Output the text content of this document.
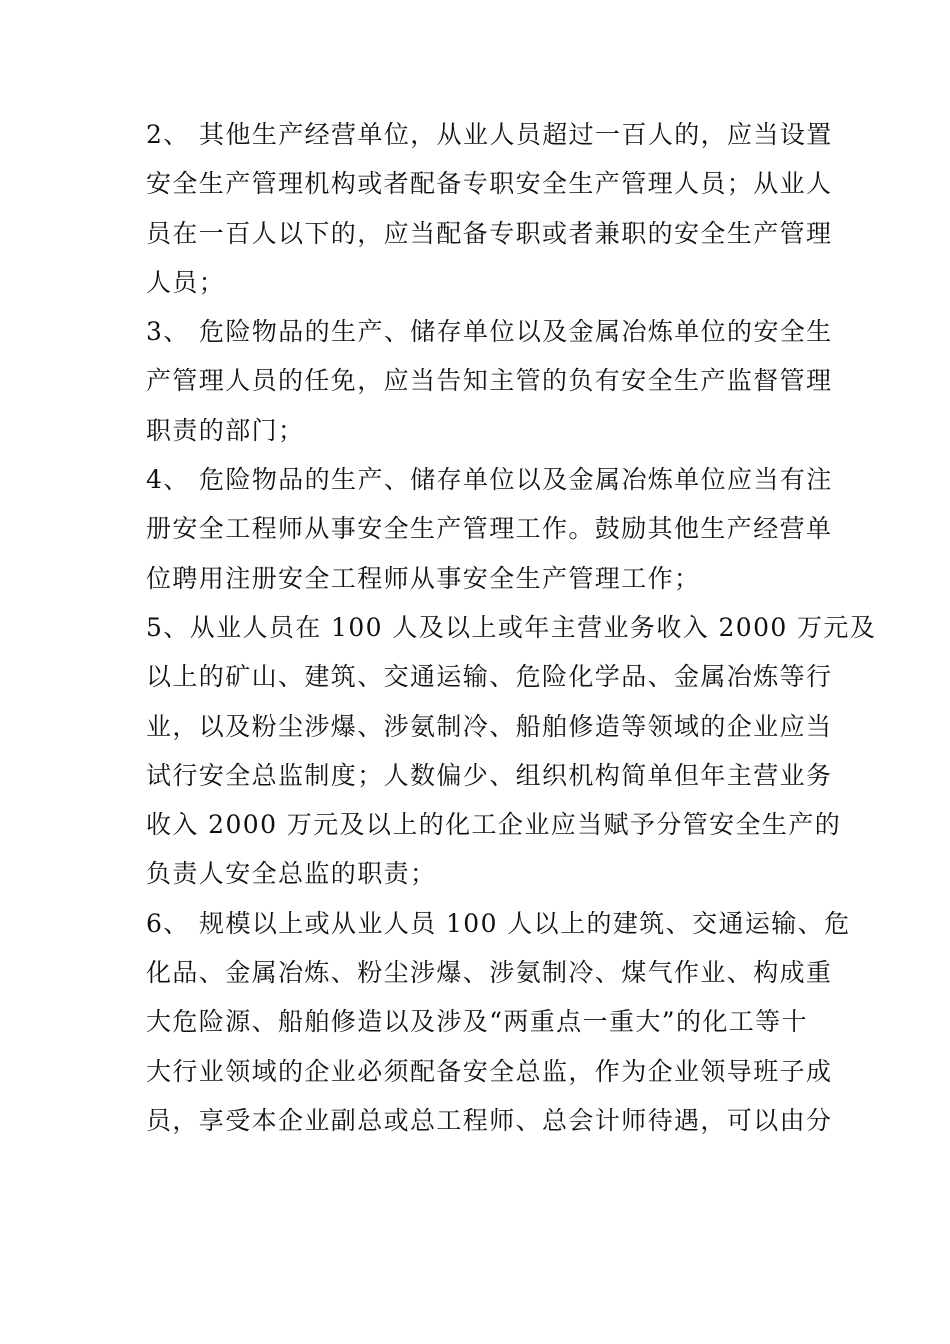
2、 其他生产经营单位，从业人员超过一百人的，应当设置
安全生产管理机构或者配备专职安全生产管理人员；从业人
员在一百人以下的，应当配备专职或者兼职的安全生产管理
人员；
3、 危险物品的生产、储存单位以及金属冶炼单位的安全生
产管理人员的任免，应当告知主管的负有安全生产监督管理
职责的部门；
4、 危险物品的生产、储存单位以及金属冶炼单位应当有注
册安全工程师从事安全生产管理工作。鼓励其他生产经营单
位聘用注册安全工程师从事安全生产管理工作；
5、从业人员在 100 人及以上或年主营业务收入 2000 万元及
以上的矿山、建筑、交通运输、危险化学品、金属冶炼等行
业，以及粉尘涉爆、涉氨制冷、船舶修造等领域的企业应当
试行安全总监制度；人数偏少、组织机构简单但年主营业务
收入 2000 万元及以上的化工企业应当赋予分管安全生产的
负责人安全总监的职责；
6、 规模以上或从业人员 100 人以上的建筑、交通运输、危
化品、金属冶炼、粉尘涉爆、涉氨制冷、煤气作业、构成重
大危险源、船舶修造以及涉及“两重点一重大”的化工等十
大行业领域的企业必须配备安全总监，作为企业领导班子成
员，享受本企业副总或总工程师、总会计师待遇，可以由分
